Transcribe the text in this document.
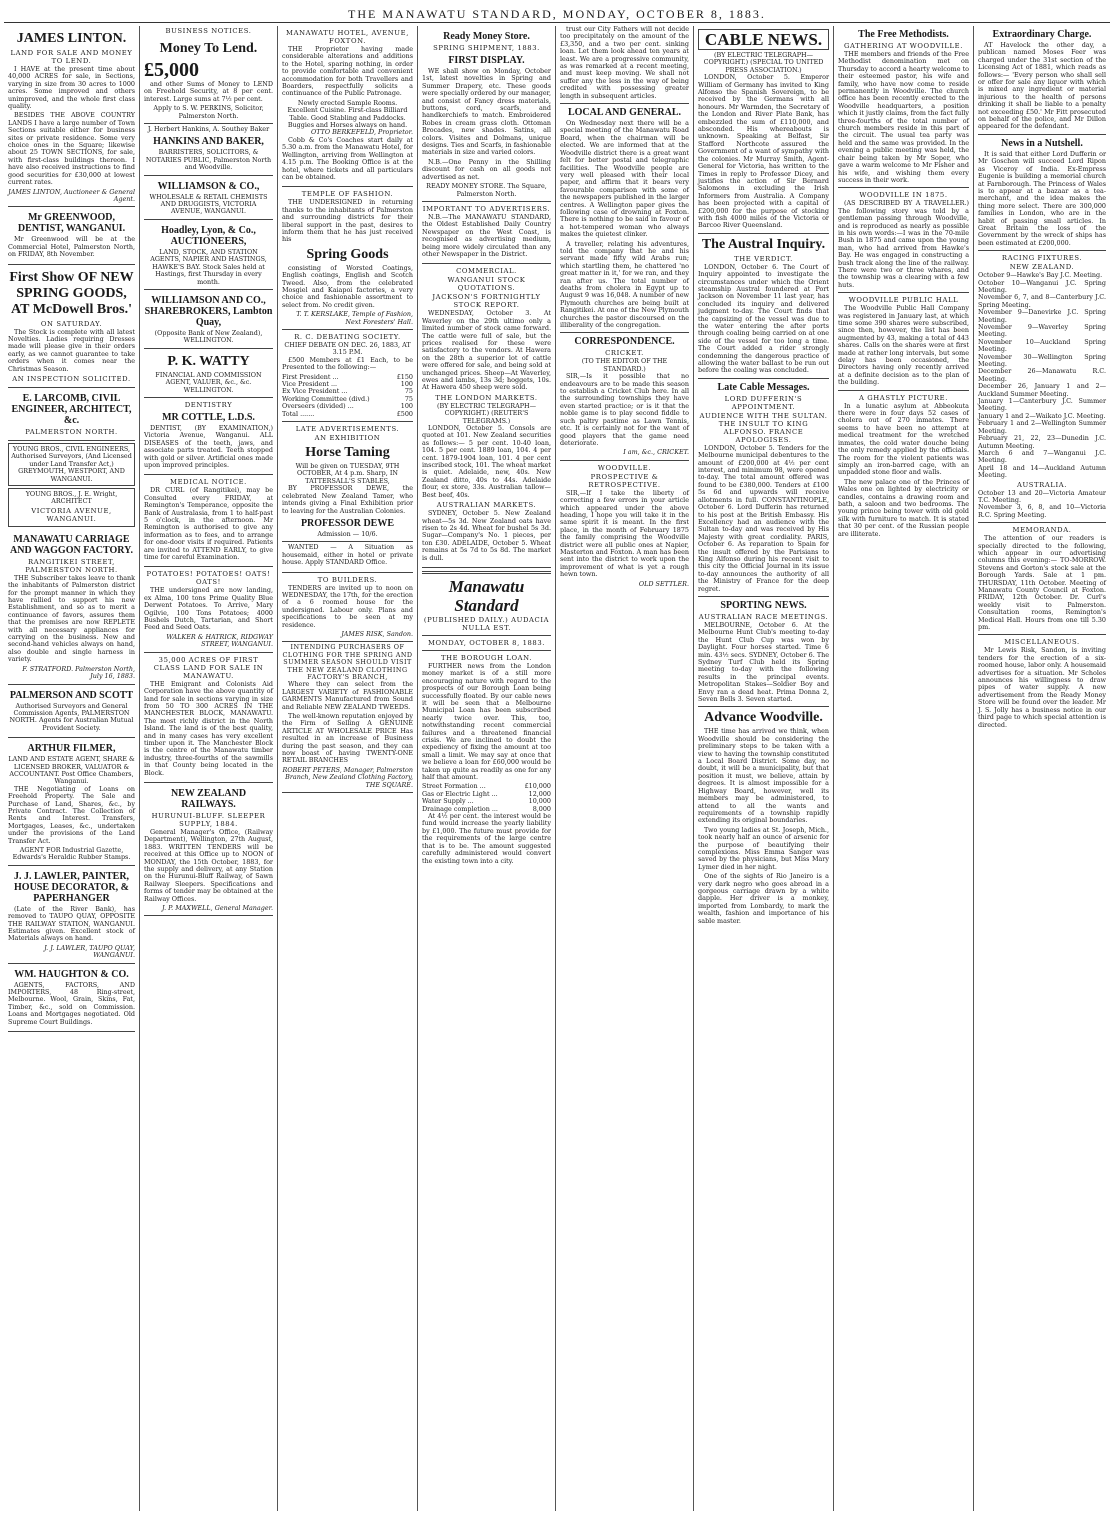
THE MANAWATU STANDARD, MONDAY, OCTOBER 8, 1883.
JAMES LINTON.
LAND FOR SALE AND MONEY TO LEND.

I HAVE at the present time about 40,000 ACRES for sale, in Sections, varying in size from 30 acres to 1000 acres. Some improved and others unimproved, and the whole first class quality.

BESIDES THE ABOVE COUNTRY LANDS I have a large number of Town Sections suitable either for business sites or private residence. Some very choice ones in the Square; likewise about 25 TOWN SECTIONS, for sale, with first-class buildings thereon. I have also received instructions to find good securities for £30,000 at lowest current rates.

JAMES LINTON, Auctioneer & General Agent.
Mr GREENWOOD, DENTIST, WANGANUI.

Mr Greenwood will be at the Commercial Hotel, Palmerston North, on FRIDAY, 8th November.

First Show OF NEW SPRING GOODS, AT McDowell Bros.'
ON SATURDAY.

The Stock is complete with all latest Novelties. Ladies requiring Dresses made will please give in their orders early, as we cannot guarantee to take orders when it comes near the Christmas Season.

AN INSPECTION SOLICITED.
E. LARCOMB, CIVIL ENGINEER, ARCHITECT, &c.
PALMERSTON NORTH.
YOUNG BROS., CIVIL ENGINEERS, Authorised Surveyors, (And Licensed under Land Transfer Act,) GREYMOUTH, WESTPORT, AND WANGANUI.
YOUNG BROS., J. E. Wright, ARCHITECT
VICTORIA AVENUE, WANGANUI.
MANAWATU CARRIAGE AND WAGGON FACTORY.
RANGITIKEI STREET, PALMERSTON NORTH.

THE Subscriber takes leave to thank the inhabitants of Palmerston district for the prompt manner in which they have rallied to support his new Establishment, and so as to merit a continuance of favors, assures them that the premises are now REPLETE with all necessary appliances for carrying on the business. New and second-hand vehicles always on hand, also double and single harness in variety.

F. STRATFORD. Palmerston North, July 16, 1883.
PALMERSON AND SCOTT

Authorised Surveyors and General Commission Agents, PALMERSTON NORTH. Agents for Australian Mutual Provident Society.

ARTHUR FILMER,
LAND AND ESTATE AGENT, SHARE & LICENSED BROKER, VALUATOR & ACCOUNTANT. Post Office Chambers, Wanganui.

THE Negotiating of Loans on Freehold Property. The Sale and Purchase of Land, Shares, &c., by Private Contract. The Collection of Rents and Interest. Transfers, Mortgages, Leases, &c., undertaken under the provisions of the Land Transfer Act.

AGENT FOR Industrial Gazette, Edwards's Heraldic Rubber Stamps.
J. J. LAWLER, PAINTER, HOUSE DECORATOR, & PAPERHANGER

(Late of the River Bank), has removed to TAUPO QUAY, OPPOSITE THE RAILWAY STATION, WANGANUI. Estimates given. Excellent stock of Materials always on hand.

J. J. LAWLER, TAUPO QUAY, WANGANUI.
WM. HAUGHTON & CO.

AGENTS, FACTORS, AND IMPORTERS, 48 Ring-street, Melbourne. Wool, Grain, Skins, Fat, Timber, &c., sold on Commission. Loans and Mortgages negotiated. Old Supreme Court Buildings.

BUSINESS NOTICES.
Money To Lend.
£5,000

and other Sums of Money to LEND on Freehold Security, at 8 per cent. interest. Large sums at 7½ per cent.

Apply to S. W. PERKINS, Solicitor, Palmerston North.
J. Herbert Hankins, A. Southey Baker
HANKINS AND BAKER,
BARRISTERS, SOLICITORS, & NOTARIES PUBLIC, Palmerston North and Woodville.
WILLIAMSON & CO.,
WHOLESALE & RETAIL CHEMISTS AND DRUGGISTS, VICTORIA AVENUE, WANGANUI.
Hoadley, Lyon, & Co., AUCTIONEERS,
LAND, STOCK, AND STATION AGENTS, NAPIER AND HASTINGS, HAWKE'S BAY. Stock Sales held at Hastings, first Thursday in every month.
WILLIAMSON AND CO., SHAREBROKERS, Lambton Quay,
(Opposite Bank of New Zealand), WELLINGTON.
P. K. WATTY
FINANCIAL AND COMMISSION AGENT, VALUER, &c., &c. WELLINGTON.
DENTISTRY
MR COTTLE, L.D.S.

DENTIST, (BY EXAMINATION,) Victoria Avenue, Wanganui. ALL DISEASES of the teeth, jaws, and associate parts treated. Teeth stopped with gold or silver. Artificial ones made upon improved principles.

MEDICAL NOTICE.

DR CURL (of Rangitikei), may be Consulted every FRIDAY, at Remington's Temperance, opposite the Bank of Australasia, from 1 to half-past 5 o'clock, in the afternoon. Mr Remington is authorised to give any information as to fees, and to arrange for one-door visits if required. Patients are invited to ATTEND EARLY, to give time for careful Examination.

POTATOES! POTATOES! OATS! OATS!

THE undersigned are now landing, ex Alma, 100 tons Prime Quality Blue Derwent Potatoes. To Arrive, Mary Ogilvie, 100 Tons Potatoes; 4000 Bushels Dutch, Tartarian, and Short Feed and Seed Oats.

WALKER & HATRICK, RIDGWAY STREET, WANGANUI.
35,000 ACRES OF FIRST CLASS LAND FOR SALE IN MANAWATU.

THE Emigrant and Colonists Aid Corporation have the above quantity of land for sale in sections varying in size from 50 TO 300 ACRES IN THE MANCHESTER BLOCK, MANAWATU. The most richly district in the North Island. The land is of the best quality, and in many cases has very excellent timber upon it. The Manchester Block is the centre of the Manawatu timber industry, three-fourths of the sawmills in that County being located in the Block.

NEW ZEALAND RAILWAYS.
HURUNUI-BLUFF. SLEEPER SUPPLY, 1884.

General Manager's Office, (Railway Department), Wellington, 27th August, 1883. WRITTEN TENDERS will be received at this Office up to NOON of MONDAY, the 15th October, 1883, for the supply and delivery, at any Station on the Hurunui-Bluff Railway, of Sawn Railway Sleepers. Specifications and forms of tender may be obtained at the Railway Offices.

J. P. MAXWELL, General Manager.
MANAWATU HOTEL, AVENUE, FOXTON.

THE Proprietor having made considerable alterations and additions to the Hotel, sparing nothing, in order to provide comfortable and convenient accommodation for both Travellers and Boarders, respectfully solicits a continuance of the Public Patronage.

Newly erected Sample Rooms. Excellent Cuisine. First-class Billiard Table. Good Stabling and Paddocks. Buggies and Horses always on hand.
OTTO BERKEFELD, Proprietor.

Cobb & Co's Coaches start daily at 5.30 a.m. from the Manawatu Hotel, for Wellington, arriving from Wellington at 4.15 p.m. The Booking Office is at the hotel, where tickets and all particulars can be obtained.

TEMPLE OF FASHION.

THE UNDERSIGNED in returning thanks to the inhabitants of Palmerston and surrounding districts for their liberal support in the past, desires to inform them that he has just received his

Spring Goods

consisting of Worsted Coatings, English coatings, English and Scotch Tweed. Also, from the celebrated Mosgiel and Kaiapoi factories, a very choice and fashionable assortment to select from. No credit given.

T. T. KERSLAKE, Temple of Fashion, Next Foresters' Hall.
R. C. DEBATING SOCIETY.
CHIEF DEBATE ON DEC. 26, 1883, AT 3.15 P.M.

£500 Members at £1 Each, to be Presented to the following:—

First President ...
Vice President ...
Ex Vice President ...
Working Committee (divd.)
Overseers (divided) ...
Total .......
£150
100
75
75
100
£500
LATE ADVERTISEMENTS.
AN EXHIBITION
Horse Taming
Will be given on TUESDAY, 9TH OCTOBER, At 4 p.m. Sharp, IN TATTERSALL'S STABLES,

BY PROFESSOR DEWE, the celebrated New Zealand Tamer, who intends giving a Final Exhibition prior to leaving for the Australian Colonies.

PROFESSOR DEWE
Admission — 10/6.

WANTED — A Situation as housemaid, either in hotel or private house. Apply STANDARD Office.

TO BUILDERS.

TENDERS are invited up to noon on WEDNESDAY, the 17th, for the erection of a 6 roomed house for the undersigned. Labour only. Plans and specifications to be seen at my residence.

JAMES RISK, Sandon.
INTENDING PURCHASERS OF CLOTHING FOR THE SPRING AND SUMMER SEASON SHOULD VISIT THE NEW ZEALAND CLOTHING FACTORY'S BRANCH,

Where they can select from the LARGEST VARIETY of FASHIONABLE GARMENTS Manufactured from Sound and Reliable NEW ZEALAND TWEEDS.

The well-known reputation enjoyed by the Firm of Selling A GENUINE ARTICLE AT WHOLESALE PRICE Has resulted in an increase of Business during the past season, and they can now boast of having TWENTY-ONE RETAIL BRANCHES

ROBERT PETERS, Manager, Palmerston Branch, New Zealand Clothing Factory, THE SQUARE.
Ready Money Store.
SPRING SHIPMENT, 1883.
FIRST DISPLAY.

WE shall show on Monday, October 1st, latest novelties in Spring and Summer Drapery, etc. These goods were specially ordered by our manager, and consist of Fancy dress materials, buttons, cord, scarfs, and handkerchiefs to match. Embroidered Robes in cream grass cloth. Ottoman Brocades, new shades. Satins, all colors. Visites and Dolmans, unique designs. Ties and Scarfs, in fashionable materials in size and varied colors.

N.B.—One Penny in the Shilling discount for cash on all goods not advertised as net.

READY MONEY STORE. The Square, Palmerston North.
IMPORTANT TO ADVERTISERS.

N.B.—The MANAWATU STANDARD, the Oldest Established Daily Country Newspaper on the West Coast, is recognised as advertising medium, being more widely circulated than any other Newspaper in the District.

COMMERCIAL.
WANGANUI STOCK QUOTATIONS.
JACKSON'S FORTNIGHTLY STOCK REPORT.

WEDNESDAY, October 3. At Waverley on the 29th ultimo only a limited number of stock came forward. The cattle were full of sale, but the prices realised for these were satisfactory to the vendors. At Hawera on the 28th a superior lot of cattle were offered for sale, and being sold at unchanged prices. Sheep—At Waverley, ewes and lambs, 13s 3d; hoggets, 10s. At Hawera 450 sheep were sold.

THE LONDON MARKETS.
(BY ELECTRIC TELEGRAPH—COPYRIGHT.) (REUTER'S TELEGRAMS.)

LONDON, October 5. Consols are quoted at 101. New Zealand securities as follows:— 5 per cent. 10-40 loan, 104. 5 per cent. 1889 loan, 104. 4 per cent. 1879-1904 loan, 101. 4 per cent inscribed stock, 101. The wheat market is quiet. Adelaide, new, 40s. New Zealand ditto, 40s to 44s. Adelaide flour, ex store, 33s. Australian tallow—Best beef, 40s.

AUSTRALIAN MARKETS.

SYDNEY, October 5. New Zealand wheat—5s 3d. New Zealand oats have risen to 2s 4d. Wheat for bushel 5s 3d. Sugar—Company's No. 1 pieces, per ton £30. ADELAIDE, October 5. Wheat remains at 5s 7d to 5s 8d. The market is dull.

Manawatu Standard
(PUBLISHED DAILY.) AUDACIA NULLA EST.
MONDAY, OCTOBER 8, 1883.
THE BOROUGH LOAN.

FURTHER news from the London money market is of a still more encouraging nature with regard to the prospects of our Borough Loan being successfully floated. By our cable news it will be seen that a Melbourne Municipal Loan has been subscribed nearly twice over. This, too, notwithstanding recent commercial failures and a threatened financial crisis. We are inclined to doubt the expediency of fixing the amount at too small a limit. We may say at once that we believe a loan for £60,000 would be taken up quite as readily as one for any half that amount.

Street Formation ...
Gas or Electric Light ...
Water Supply ...
Drainage completion ...
£10,000
12,000
10,000
8,000

At 4½ per cent. the interest would be fund would increase the yearly liability by £1,000. The future must provide for the requirements of the large centre that is to be. The amount suggested carefully administered would convert the existing town into a city.

trust our City Fathers will not decide too precipitately on the amount of the £3,350, and a two per cent. sinking loan. Let them look ahead ten years at least. We are a progressive community, as was remarked at a recent meeting, and must keep moving. We shall not suffer any the less in the way of being credited with possessing greater length in subsequent articles.

LOCAL AND GENERAL.

On Wednesday next there will be a special meeting of the Manawatu Road Board, when the chairman will be elected. We are informed that at the Woodville district there is a great want felt for better postal and telegraphic facilities. The Woodville people are very well pleased with their local paper, and affirm that it bears very favourable comparison with some of the newspapers published in the larger centres. A Wellington paper gives the following case of drowning at Foxton. There is nothing to be said in favour of a hot-tempered woman who always makes the quietest clinker.

A traveller, relating his adventures, told the company that he and his servant made fifty wild Arabs run; which startling them, he chattered 'no great matter in it,' for we ran, and they ran after us. The total number of deaths from cholera in Egypt up to August 9 was 16,048. A number of new Plymouth churches are being built at Rangitikei. At one of the New Plymouth churches the pastor discoursed on the illiberality of the congregation.

CORRESPONDENCE.
CRICKET.
(TO THE EDITOR OF THE STANDARD.)

SIR,—Is it possible that no endeavours are to be made this season to establish a Cricket Club here. In all the surrounding townships they have even started practice; or is it that the noble game is to play second fiddle to such paltry pastime as Lawn Tennis, etc. It is certainly not for the want of good players that the game need deteriorate.

I am, &c., CRICKET.
WOODVILLE.
PROSPECTIVE & RETROSPECTIVE.

SIR,—If I take the liberty of correcting a few errors in your article which appeared under the above heading, I hope you will take it in the same spirit it is meant. In the first place, in the month of February 1875 the family comprising the Woodville district were all public ones at Napier, Masterton and Foxton. A man has been sent into the district to work upon the improvement of what is yet a rough hewn town.

OLD SETTLER.
CABLE NEWS.
(BY ELECTRIC TELEGRAPH—COPYRIGHT.) (SPECIAL TO UNITED PRESS ASSOCIATION.)

LONDON, October 5. Emperor William of Germany has invited to King Alfonso the Spanish Sovereign, to be received by the Germans with all honours. Mr Warmden, the Secretary of the London and River Plate Bank, has embezzled the sum of £110,000, and absconded. His whereabouts is unknown. Speaking at Belfast, Sir Stafford Northcote assured the Government of a want of sympathy with the colonies. Mr Murray Smith, Agent-General for Victoria, has written to the Times in reply to Professor Dicey, and justifies the action of Sir Bernard Salomons in excluding the Irish Informers from Australia. A Company has been projected with a capital of £200,000 for the purpose of stocking with fish 4000 miles of the Victoria or Barcoo River Queensland.

The Austral Inquiry.
THE VERDICT.

LONDON, October 6. The Court of Inquiry appointed to investigate the circumstances under which the Orient steamship Austral foundered at Port Jackson on November 11 last year, has concluded its inquiry and delivered judgment to-day. The Court finds that the capsizing of the vessel was due to the water entering the after ports through coaling being carried on at one side of the vessel for too long a time. The Court added a rider strongly condemning the dangerous practice of allowing the water ballast to be run out before the coaling was concluded.

Late Cable Messages.
LORD DUFFERIN'S APPOINTMENT.
AUDIENCE WITH THE SULTAN. THE INSULT TO KING ALFONSO. FRANCE APOLOGISES.

LONDON, October 5. Tenders for the Melbourne municipal debentures to the amount of £200,000 at 4½ per cent interest, and minimum 98, were opened to-day. The total amount offered was found to be £380,000. Tenders at £100 5s 6d and upwards will receive allotments in full. CONSTANTINOPLE, October 6. Lord Dufferin has returned to his post at the British Embassy. His Excellency had an audience with the Sultan to-day and was received by His Majesty with great cordiality. PARIS, October 6. As reparation to Spain for the insult offered by the Parisians to King Alfonso during his recent visit to this city the Official Journal in its issue to-day announces the authority of all the Ministry of France for the deep regret.

SPORTING NEWS.
AUSTRALIAN RACE MEETINGS.

MELBOURNE, October 6. At the Melbourne Hunt Club's meeting to-day the Hunt Club Cup was won by Daylight. Four horses started. Time 6 min. 43½ secs. SYDNEY, October 6. The Sydney Turf Club held its Spring meeting to-day with the following results in the principal events. Metropolitan Stakes—Soldier Boy and Envy ran a dead heat. Prima Donna 2, Seven Bells 3. Seven started.

Advance Woodville.

THE time has arrived we think, when Woodville should be considering the preliminary steps to be taken with a view to having the township constituted a Local Board District. Some day, no doubt, it will be a municipality, but that position it must, we believe, attain by degrees. It is almost impossible for a Highway Board, however, well its members may be administered, to attend to all the wants and requirements of a township rapidly extending its original boundaries.

Two young ladies at St. Joseph, Mich., took nearly half an ounce of arsenic for the purpose of beautifying their complexions. Miss Emma Sanger was saved by the physicians, but Miss Mary Lymer died in her night.

One of the sights of Rio Janeiro is a very dark negro who goes abroad in a gorgeous carriage drawn by a white dapple. Her driver is a monkey, imported from Lombardy, to mark the wealth, fashion and importance of his sable master.

The Free Methodists.
GATHERING AT WOODVILLE.

THE members and friends of the Free Methodist denomination met on Thursday to accord a hearty welcome to their esteemed pastor, his wife and family, who have now come to reside permanently in Woodville. The church office has been recently erected to the Woodville headquarters, a position which it justly claims, from the fact fully three-fourths of the total number of church members reside in this part of the circuit. The usual tea party was held and the same was provided. In the evening a public meeting was held, the chair being taken by Mr Soper, who gave a warm welcome to Mr Fisher and his wife, and wishing them every success in their work.

WOODVILLE IN 1875.

(AS DESCRIBED BY A TRAVELLER.) The following story was told by a gentleman passing through Woodville, and is reproduced as nearly as possible in his own words:—I was in the 70-mile Bush in 1875 and came upon the young man, who had arrived from Hawke's Bay. He was engaged in constructing a bush track along the line of the railway. There were two or three whares, and the township was a clearing with a few huts.

WOODVILLE PUBLIC HALL

The Woodville Public Hall Company was registered in January last, at which time some 390 shares were subscribed, since then, however, the list has been augmented by 43, making a total of 443 shares. Calls on the shares were at first made at rather long intervals, but some delay has been occasioned, the Directors having only recently arrived at a definite decision as to the plan of the building.

A GHASTLY PICTURE.

In a lunatic asylum at Abbeokuta there were in four days 52 cases of cholera out of 270 inmates. There seems to have been no attempt at medical treatment for the wretched inmates, the cold water douche being the only remedy applied by the officials. The room for the violent patients was simply an iron-barred cage, with an unpadded stone floor and walls.

The new palace one of the Princes of Wales one on lighted by electricity or candles, contains a drawing room and bath, a saloon and two bedrooms. The young prince being tower with old gold silk with furniture to match. It is stated that 30 per cent. of the Russian people are illiterate.

Extraordinary Charge.

AT Havelock the other day, a publican named Moses Feer was charged under the 31st section of the Licensing Act of 1881, which reads as follows:— 'Every person who shall sell or offer for sale any liquor with which is mixed any ingredient or material injurious to the health of persons drinking it shall be liable to a penalty not exceeding £50.' Mr Fitt prosecuted on behalf of the police, and Mr Dillon appeared for the defendant.

News in a Nutshell.

It is said that either Lord Dufferin or Mr Goschen will succeed Lord Ripon as Viceroy of India. Ex-Empress Eugenie is building a memorial church at Farnborough. The Princess of Wales is to appear at a bazaar as a tea-merchant, and the idea makes the thing more select. There are 300,000 families in London, who are in the habit of passing small articles. In Great Britain the loss of the Government by the wreck of ships has been estimated at £200,000.

RACING FIXTURES.
NEW ZEALAND.
October 9—Hawke's Bay J.C. Meeting.
October 10—Wanganui J.C. Spring Meeting.
November 6, 7, and 8—Canterbury J.C. Spring Meeting.
November 9—Danevirke J.C. Spring Meeting.
November 9—Waverley Spring Meeting.
November 10—Auckland Spring Meeting.
November 30—Wellington Spring Meeting.
December 26—Manawatu R.C. Meeting.
December 26, January 1 and 2—Auckland Summer Meeting.
January 1—Canterbury J.C. Summer Meeting.
January 1 and 2—Waikato J.C. Meeting.
February 1 and 2—Wellington Summer Meeting.
February 21, 22, 23—Dunedin J.C. Autumn Meeting.
March 6 and 7—Wanganui J.C. Meeting.
April 18 and 14—Auckland Autumn Meeting.
AUSTRALIA.
October 13 and 20—Victoria Amateur T.C. Meeting.
November 3, 6, 8, and 10—Victoria R.C. Spring Meeting.
MEMORANDA.

The attention of our readers is specially directed to the following, which appear in our advertising columns this evening:— TO-MORROW. Stevens and Gorton's stock sale at the Borough Yards. Sale at 1 pm. THURSDAY, 11th October. Meeting of Manawatu County Council at Foxton. FRIDAY, 12th October. Dr. Curl's weekly visit to Palmerston. Consultation rooms, Remington's Medical Hall. Hours from one till 5.30 pm.

MISCELLANEOUS.

Mr Lewis Risk, Sandon, is inviting tenders for the erection of a six-roomed house, labor only. A housemaid advertises for a situation. Mr Scholes announces his willingness to draw pipes of water supply. A new advertisement from the Ready Money Store will be found over the leader. Mr J. S. Jolly has a business notice in our third page to which special attention is directed.
